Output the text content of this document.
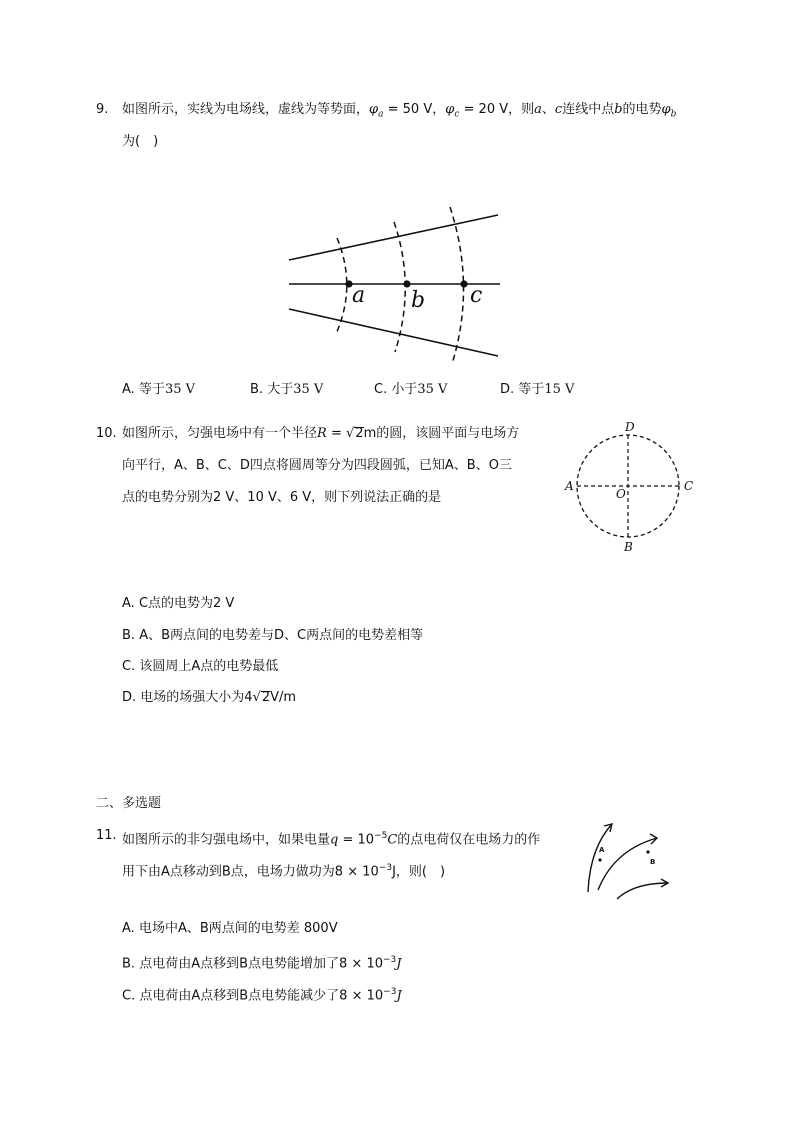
9. 如图所示，实线为电场线，虚线为等势面，$\varphi_a = 50$ V，$\varphi_c = 20$ V，则a、c连线中点b的电势$\varphi_b$
为(　)
a b c
A. 等于35 V	B. 大于35 V	C. 小于35 V	D. 等于15 V
10. 如图所示，匀强电场中有一个半径R = √2m的圆，该圆平面与电场方
向平行，A、B、C、D四点将圆周等分为四段圆弧，已知A、B、O三
点的电势分别为2 V、10 V、6 V，则下列说法正确的是
D
A
O
C
B
A. C点的电势为2 V
B. A、B两点间的电势差与D、C两点间的电势差相等
C. 该圆周上A点的电势最低
D. 电场的场强大小为4√2V/m
二、多选题
11. 如图所示的非匀强电场中，如果电量$q = 10^{-5}C$的点电荷仅在电场力的作
用下由A点移动到B点，电场力做功为$8 \times 10^{-3}J$，则(　)
A
B
A. 电场中A、B两点间的电势差 800V
B. 点电荷由A点移到B点电势能增加了$8 \times 10^{-3}J$
C. 点电荷由A点移到B点电势能减少了$8 \times 10^{-3}J$
